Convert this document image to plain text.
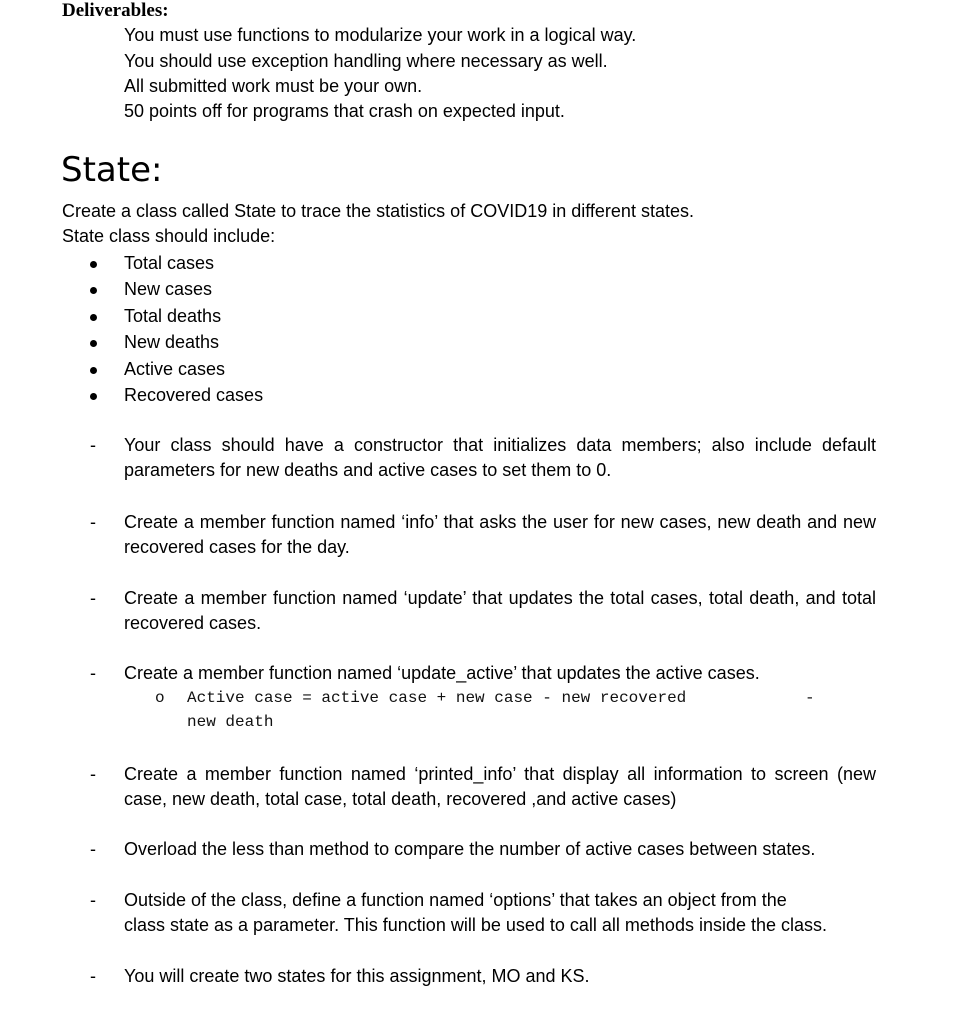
Deliverables:
You must use functions to modularize your work in a logical way.
You should use exception handling where necessary as well.
All submitted work must be your own.
50 points off for programs that crash on expected input.
State:
Create a class called State to trace the statistics of COVID19 in different states.
State class should include:
Total cases
New cases
Total deaths
New deaths
Active cases
Recovered cases
- Your class should have a constructor that initializes data members; also include default parameters for new deaths and active cases to set them to 0.
- Create a member function named ‘info’ that asks the user for new cases, new death and new recovered cases for the day.
- Create a member function named ‘update’ that updates the total cases, total death, and total recovered cases.
- Create a member function named ‘update_active’ that updates the active cases.
o Active case = active case + new case - new recovered	-
new death
- Create a member function named ‘printed_info’ that display all information to screen (new case, new death, total case, total death, recovered ,and active cases)
- Overload the less than method to compare the number of active cases between states.
- Outside of the class, define a function named ‘options’ that takes an object from the
class state as a parameter. This function will be used to call all methods inside the class.
- You will create two states for this assignment, MO and KS.
